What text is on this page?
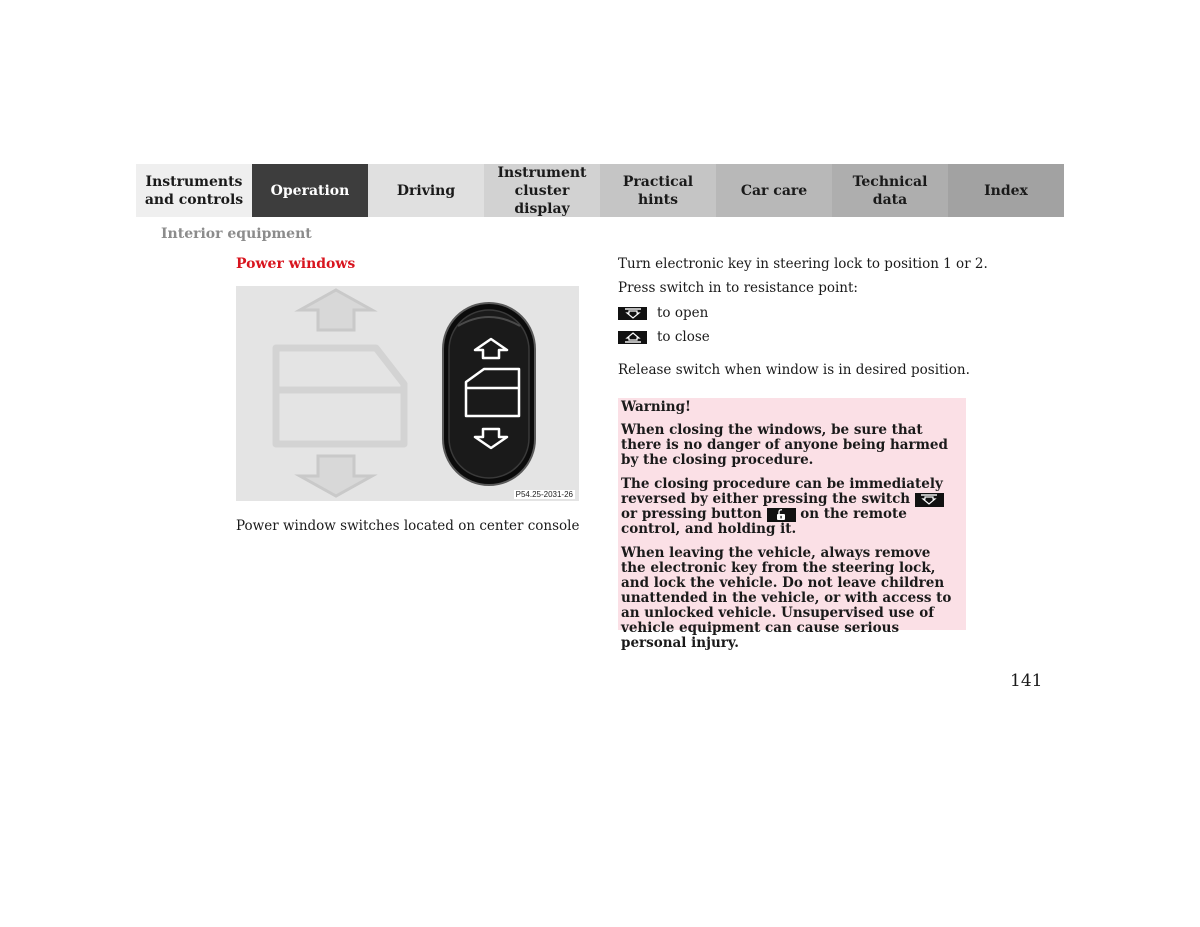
Instruments and controls
Operation	Driving
Instrument cluster display
Practical hints
Car care
Technical data
Index
Interior equipment
Power windows
P54.25-2031-26
Power window switches located on center console
Turn electronic key in steering lock to position 1 or 2.
Press switch in to resistance point:
to open
to close
Release switch when window is in desired position.

Warning!

When closing the windows, be sure that there is no danger of anyone being harmed by the closing procedure.

The closing procedure can be immediately reversed by either pressing the switch
or pressing button	on the remote control, and holding it.

When leaving the vehicle, always remove the electronic key from the steering lock, and lock the vehicle. Do not leave children unattended in the vehicle, or with access to an unlocked vehicle. Unsupervised use of vehicle equipment can cause serious personal injury.

141
